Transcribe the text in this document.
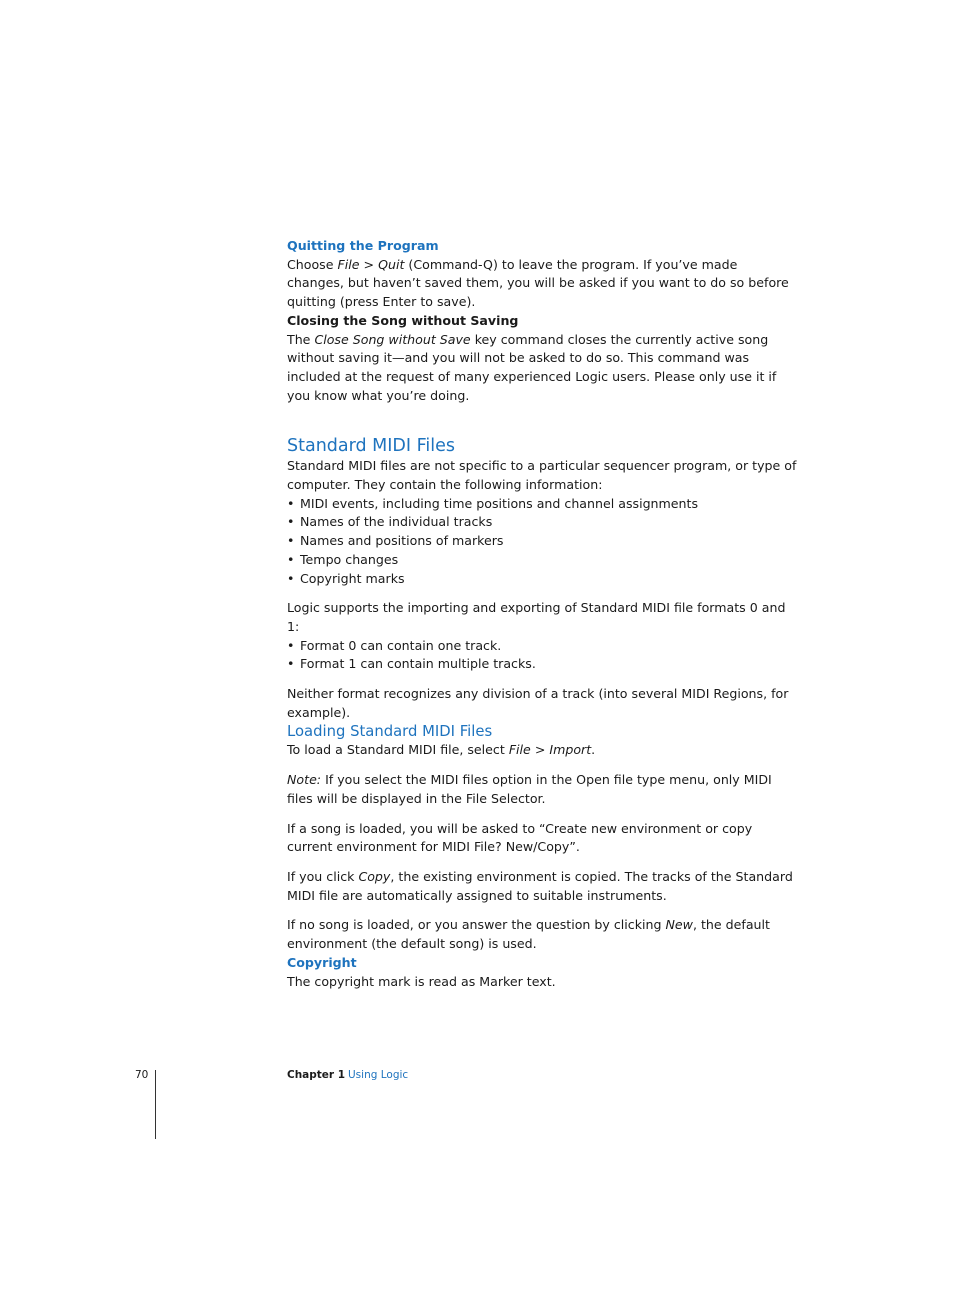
Quitting the Program

Choose File > Quit (Command-Q) to leave the program. If you’ve made changes, but haven’t saved them, you will be asked if you want to do so before quitting (press Enter to save).

Closing the Song without Saving

The Close Song without Save key command closes the currently active song without saving it—and you will not be asked to do so. This command was included at the request of many experienced Logic users. Please only use it if you know what you’re doing.

Standard MIDI Files

Standard MIDI files are not specific to a particular sequencer program, or type of computer. They contain the following information:

• MIDI events, including time positions and channel assignments
• Names of the individual tracks
• Names and positions of markers
• Tempo changes
• Copyright marks

Logic supports the importing and exporting of Standard MIDI file formats 0 and 1:

• Format 0 can contain one track.
• Format 1 can contain multiple tracks.

Neither format recognizes any division of a track (into several MIDI Regions, for example).

Loading Standard MIDI Files

To load a Standard MIDI file, select File > Import.

Note: If you select the MIDI files option in the Open file type menu, only MIDI files will be displayed in the File Selector.

If a song is loaded, you will be asked to “Create new environment or copy current environment for MIDI File? New/Copy”.

If you click Copy, the existing environment is copied. The tracks of the Standard MIDI file are automatically assigned to suitable instruments.

If no song is loaded, or you answer the question by clicking New, the default environment (the default song) is used.

Copyright

The copyright mark is read as Marker text.

70	Chapter 1 Using Logic
